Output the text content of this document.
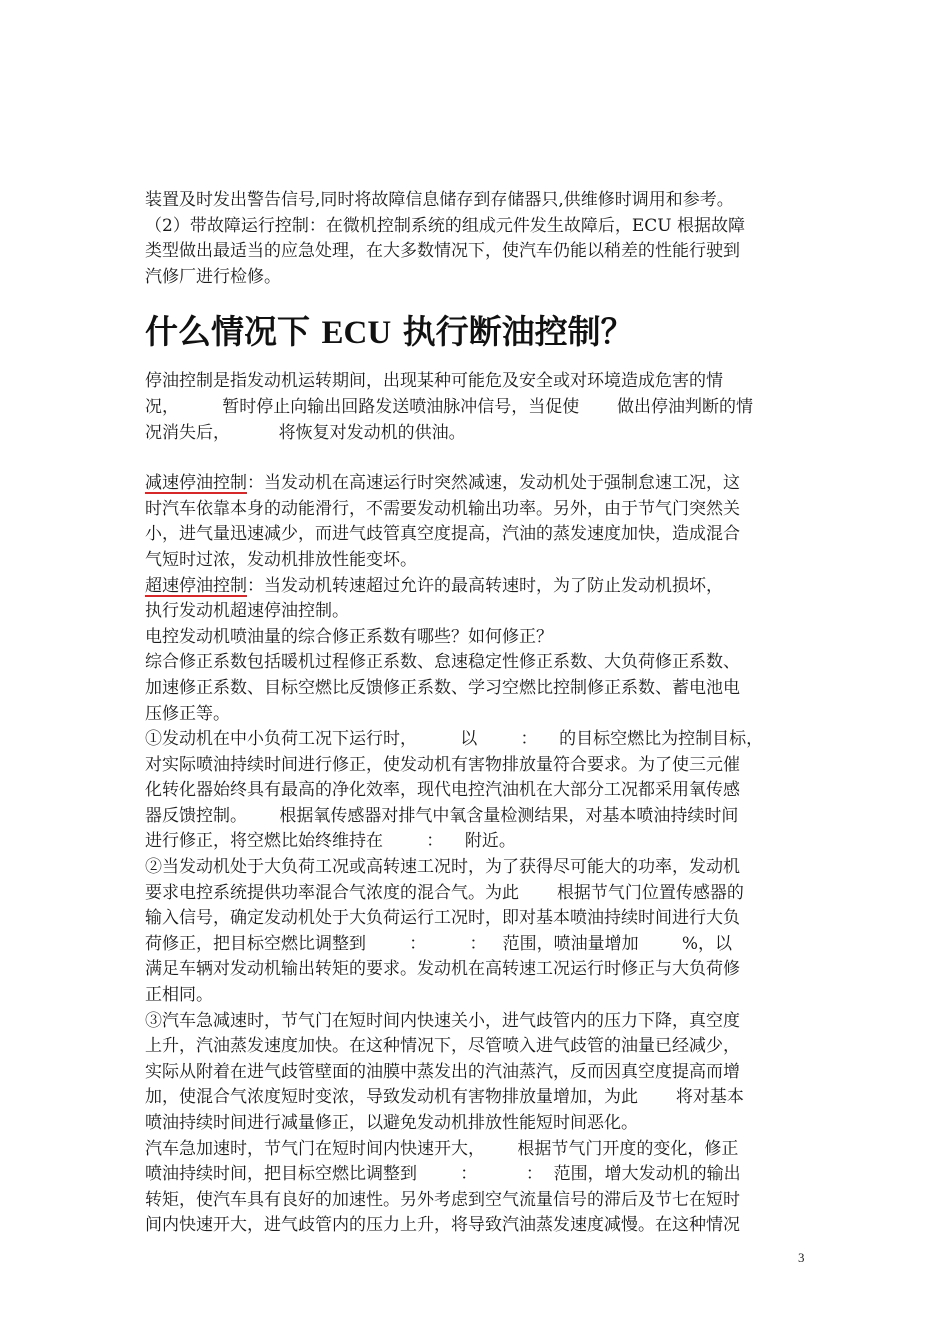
装置及时发出警告信号,同时将故障信息储存到存储器只,供维修时调用和参考。
（2）带故障运行控制：在微机控制系统的组成元件发生故障后，ECU 根据故障
类型做出最适当的应急处理，在大多数情况下，使汽车仍能以稍差的性能行驶到
汽修厂进行检修。

什么情况下 ECU 执行断油控制？

停油控制是指发动机运转期间，出现某种可能危及安全或对环境造成危害的情
况，        暂时停止向输出回路发送喷油脉冲信号，当促使       做出停油判断的情
况消失后，         将恢复对发动机的供油。

减速停油控制：当发动机在高速运行时突然减速，发动机处于强制怠速工况，这
时汽车依靠本身的动能滑行，不需要发动机输出功率。另外，由于节气门突然关
小，进气量迅速减少，而进气歧管真空度提高，汽油的蒸发速度加快，造成混合
气短时过浓，发动机排放性能变坏。

超速停油控制：当发动机转速超过允许的最高转速时，为了防止发动机损坏，
执行发动机超速停油控制。

电控发动机喷油量的综合修正系数有哪些？如何修正？
综合修正系数包括暖机过程修正系数、怠速稳定性修正系数、大负荷修正系数、
加速修正系数、目标空燃比反馈修正系数、学习空燃比控制修正系数、蓄电池电
压修正等。
①发动机在中小负荷工况下运行时，        以        ：    的目标空燃比为控制目标，
对实际喷油持续时间进行修正，使发动机有害物排放量符合要求。为了使三元催
化转化器始终具有最高的净化效率，现代电控汽油机在大部分工况都采用氧传感
器反馈控制。      根据氧传感器对排气中氧含量检测结果，对基本喷油持续时间
进行修正，将空燃比始终维持在        ：    附近。
②当发动机处于大负荷工况或高转速工况时，为了获得尽可能大的功率，发动机
要求电控系统提供功率混合气浓度的混合气。为此       根据节气门位置传感器的
输入信号，确定发动机处于大负荷运行工况时，即对基本喷油持续时间进行大负
荷修正，把目标空燃比调整到        ：        ：   范围，喷油量增加        %，以
满足车辆对发动机输出转矩的要求。发动机在高转速工况运行时修正与大负荷修
正相同。
③汽车急减速时，节气门在短时间内快速关小，进气歧管内的压力下降，真空度
上升，汽油蒸发速度加快。在这种情况下，尽管喷入进气歧管的油量已经减少，
实际从附着在进气歧管壁面的油膜中蒸发出的汽油蒸汽，反而因真空度提高而增
加，使混合气浓度短时变浓，导致发动机有害物排放量增加，为此       将对基本
喷油持续时间进行减量修正，以避免发动机排放性能短时间恶化。
汽车急加速时，节气门在短时间内快速开大，      根据节气门开度的变化，修正
喷油持续时间，把目标空燃比调整到        ：         ：  范围，增大发动机的输出
转矩，使汽车具有良好的加速性。另外考虑到空气流量信号的滞后及节七在短时
间内快速开大，进气歧管内的压力上升，将导致汽油蒸发速度减慢。在这种情况

3
